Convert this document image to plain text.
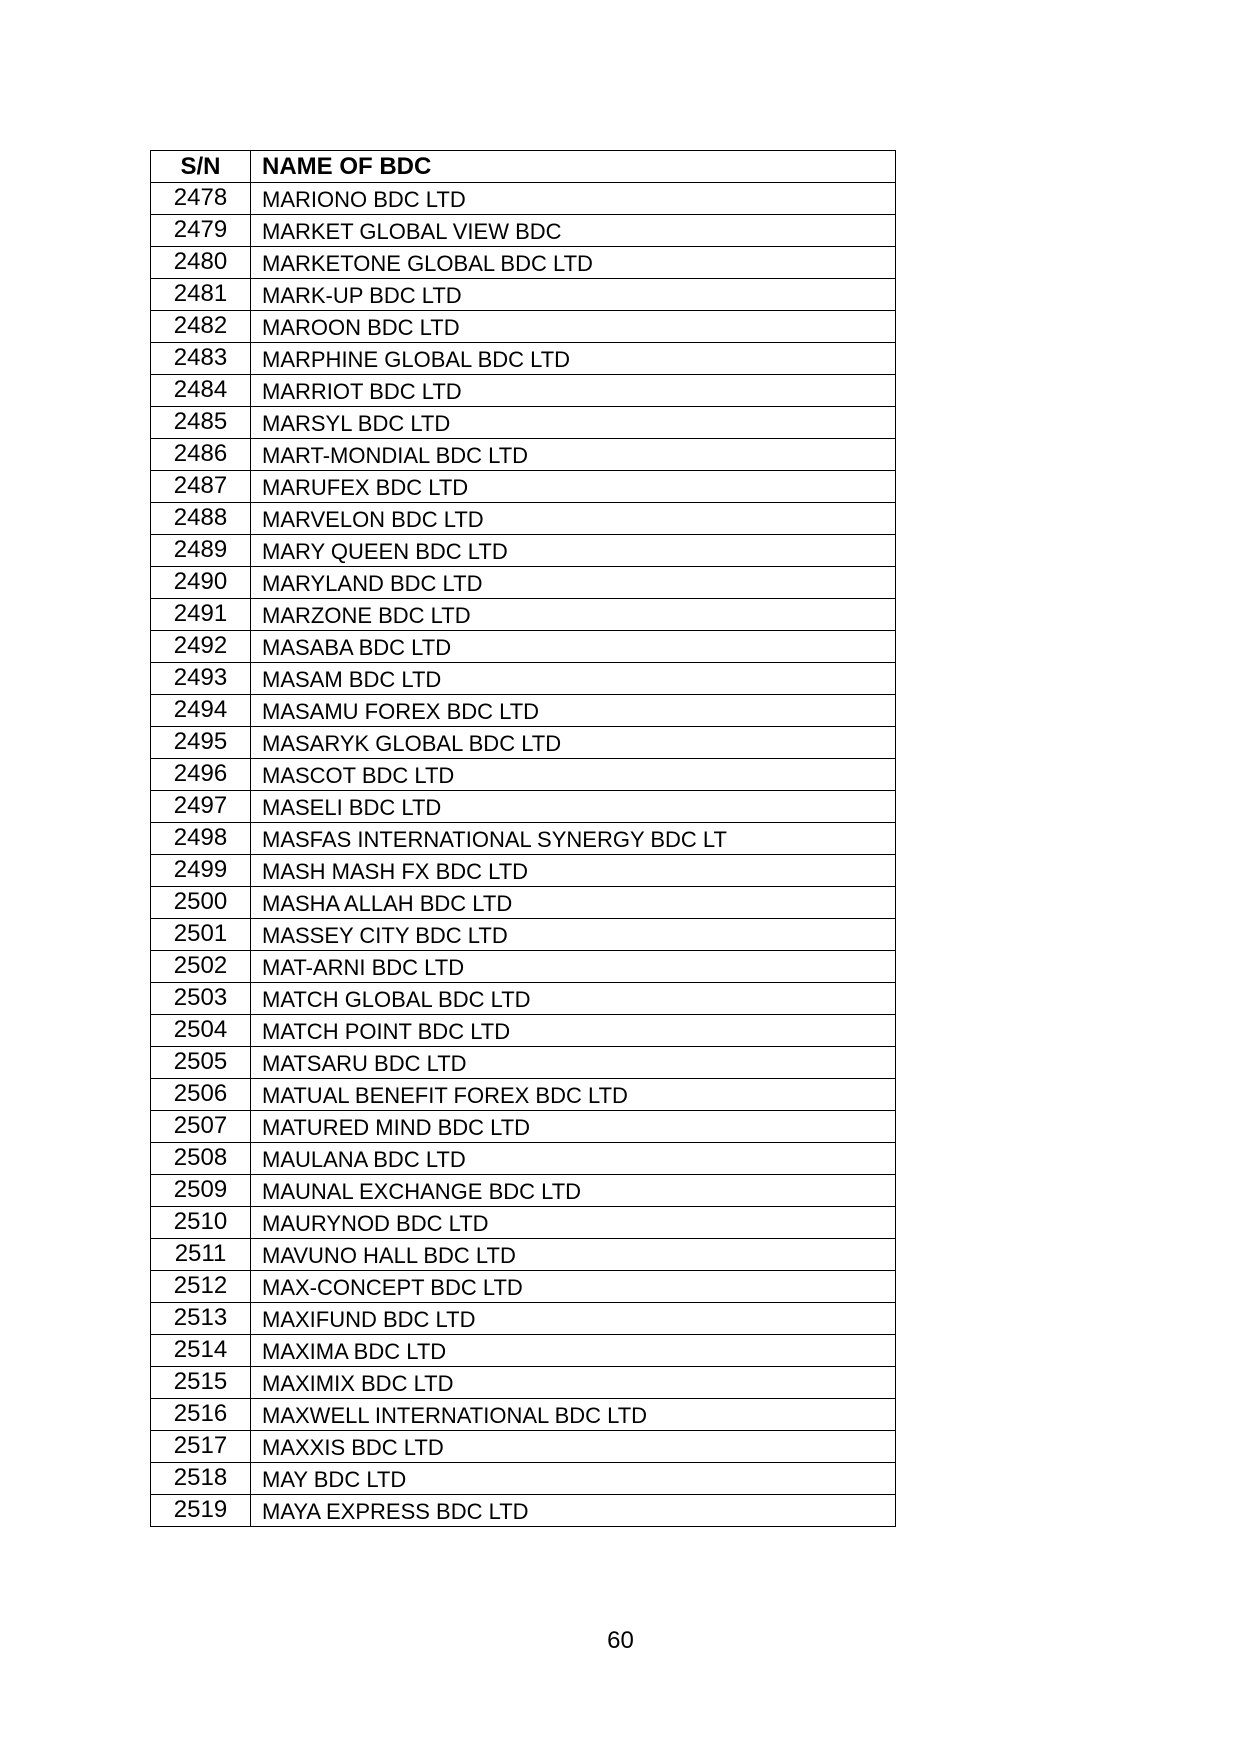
S/N	NAME OF BDC
2478	MARIONO BDC LTD
2479	MARKET GLOBAL VIEW BDC
2480	MARKETONE GLOBAL BDC LTD
2481	MARK-UP BDC LTD
2482	MAROON BDC LTD
2483	MARPHINE GLOBAL BDC LTD
2484	MARRIOT BDC LTD
2485	MARSYL BDC LTD
2486	MART-MONDIAL BDC LTD
2487	MARUFEX BDC LTD
2488	MARVELON BDC LTD
2489	MARY QUEEN BDC LTD
2490	MARYLAND BDC LTD
2491	MARZONE BDC LTD
2492	MASABA BDC LTD
2493	MASAM BDC LTD
2494	MASAMU FOREX BDC LTD
2495	MASARYK GLOBAL BDC LTD
2496	MASCOT BDC LTD
2497	MASELI BDC LTD
2498	MASFAS INTERNATIONAL SYNERGY BDC LT
2499	MASH MASH FX BDC LTD
2500	MASHA ALLAH BDC LTD
2501	MASSEY CITY BDC LTD
2502	MAT-ARNI BDC LTD
2503	MATCH GLOBAL BDC LTD
2504	MATCH POINT BDC LTD
2505	MATSARU BDC LTD
2506	MATUAL BENEFIT FOREX BDC LTD
2507	MATURED MIND BDC LTD
2508	MAULANA BDC LTD
2509	MAUNAL EXCHANGE BDC LTD
2510	MAURYNOD BDC LTD
2511	MAVUNO HALL BDC LTD
2512	MAX-CONCEPT BDC LTD
2513	MAXIFUND BDC LTD
2514	MAXIMA BDC LTD
2515	MAXIMIX BDC LTD
2516	MAXWELL INTERNATIONAL BDC LTD
2517	MAXXIS BDC LTD
2518	MAY BDC LTD
2519	MAYA EXPRESS BDC LTD
60
